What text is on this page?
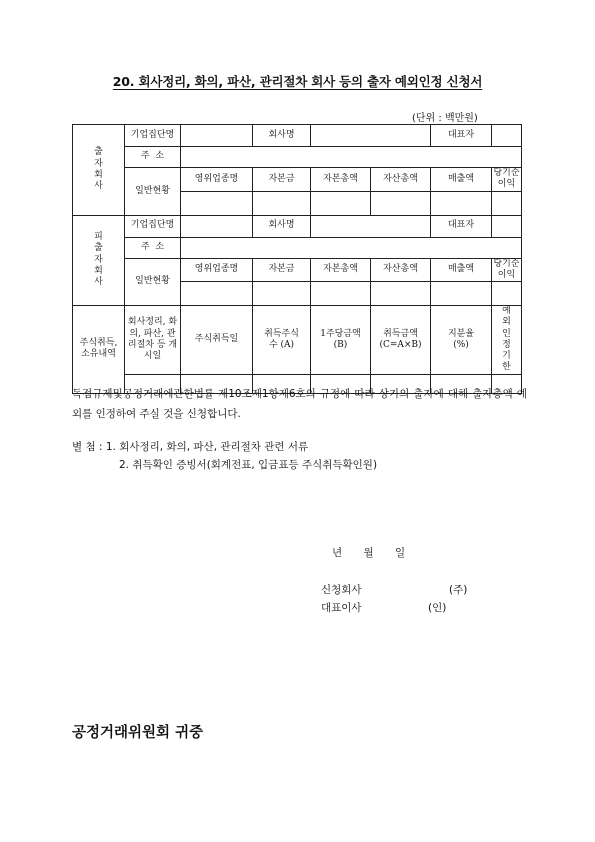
20. 회사정리, 화의, 파산, 관리절차 회사 등의 출자 예외인정 신청서
(단위 : 백만원)
출
자
회
사	기업집단명		회사명			대표자	
	주  소						
	일반현황	영위업종명	자본금	자본총액	자산총액	매출액	당기순이익

피
출
자
회
사	기업집단명		회사명			대표자	
	주  소						
	일반현황	영위업종명	자본금	자본총액	자산총액	매출액	당기순이익

주식취득, 소유내역	회사정리, 화의, 파산, 관리절차 등 개시일	주식취득일	취득주식수 (A)	1주당금액 (B)	취득금액 (C=A×B)	지분율 (%)	예외 인정 기한

독점규제및공정거래에관한법률 제10조제1항제6호의 규정에 따라 상기의 출자에 대해 출자총액 예외를 인정하여 주실 것을 신청합니다.
별 첨 : 1. 회사정리, 화의, 파산, 관리절차 관련 서류
2. 취득확인 증빙서(회계전표, 입금표등 주식취득확인원)
년 월 일
신청회사	(주)
대표이사	(인)
공정거래위원회 귀중
